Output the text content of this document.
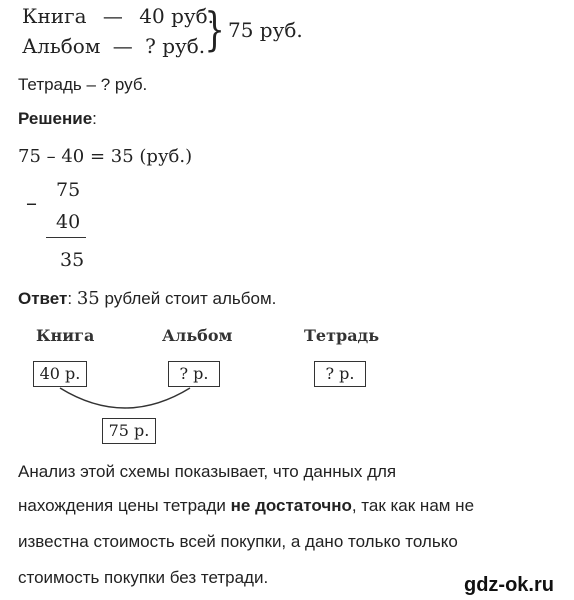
Книга — 40 руб.
Альбом — ? руб. } 75 руб.
Тетрадь – ? руб.
Решение:
75 – 40 = 35 (руб.)
–
75
40
35
Ответ: 35 рублей стоит альбом.
Книга	Альбом	Тетрадь
40 р.	? р.	? р.
75 р.
Анализ этой схемы показывает, что данных для
нахождения цены тетради не достаточно, так как нам не
известна стоимость всей покупки, а дано только только
стоимость покупки без тетради.	gdz-ok.ru
